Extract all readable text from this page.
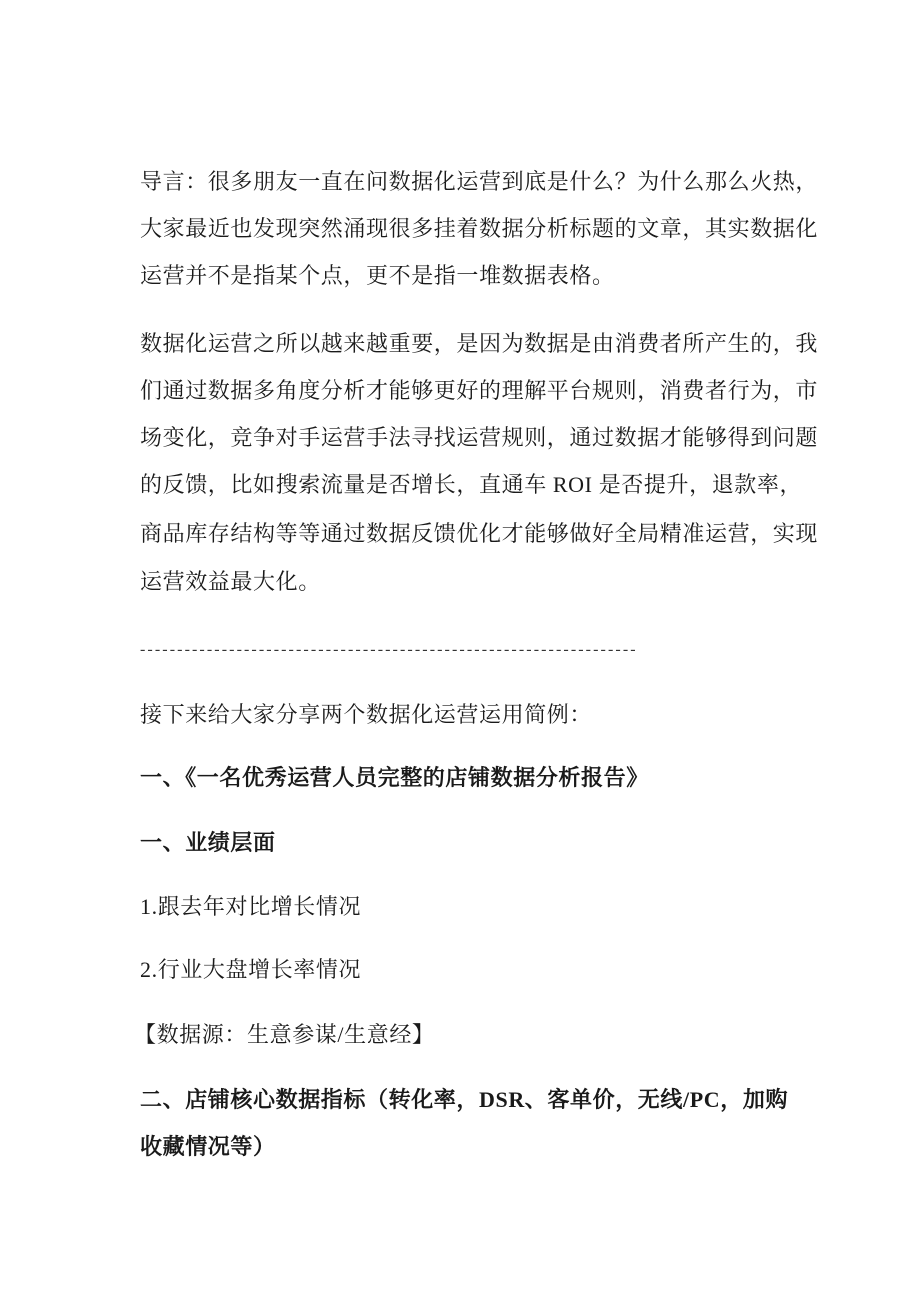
导言：很多朋友一直在问数据化运营到底是什么？为什么那么火热，
大家最近也发现突然涌现很多挂着数据分析标题的文章，其实数据化
运营并不是指某个点，更不是指一堆数据表格。
数据化运营之所以越来越重要，是因为数据是由消费者所产生的，我
们通过数据多角度分析才能够更好的理解平台规则，消费者行为，市
场变化，竞争对手运营手法寻找运营规则，通过数据才能够得到问题
的反馈，比如搜索流量是否增长，直通车 ROI 是否提升，退款率，
商品库存结构等等通过数据反馈优化才能够做好全局精准运营，实现
运营效益最大化。
-------------------------------------------------------------------
接下来给大家分享两个数据化运营运用简例：
一、《一名优秀运营人员完整的店铺数据分析报告》
一、业绩层面
1.跟去年对比增长情况
2.行业大盘增长率情况
【数据源：生意参谋/生意经】
二、店铺核心数据指标（转化率，DSR、客单价，无线/PC，加购
收藏情况等）
